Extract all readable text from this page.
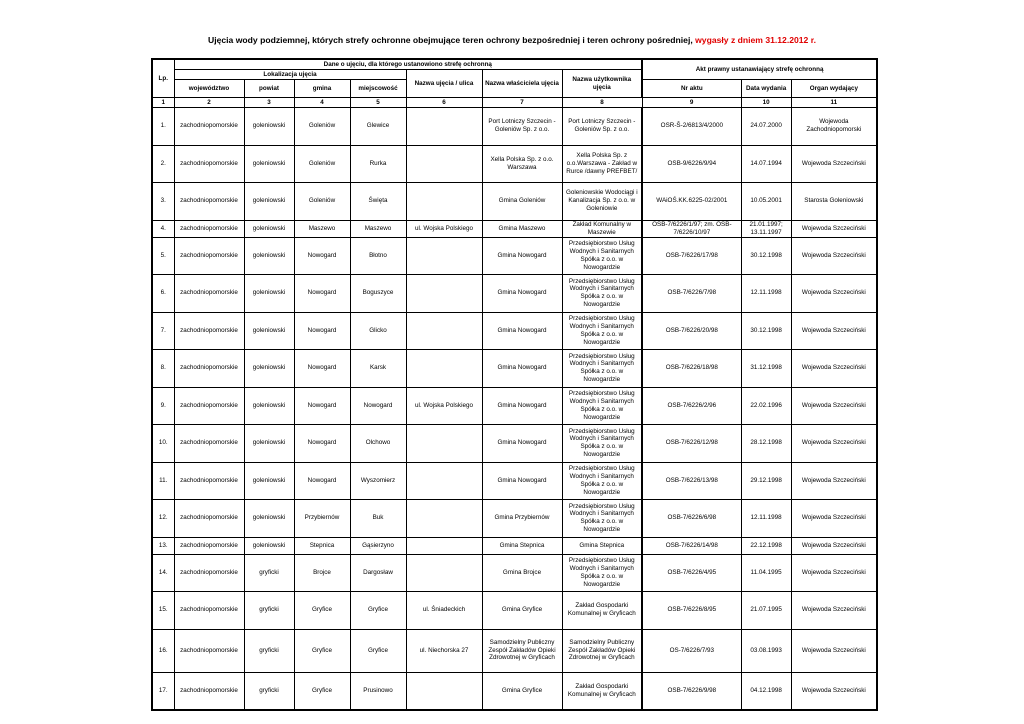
Ujęcia wody podziemnej, których strefy ochronne obejmujące teren ochrony bezpośredniej i teren ochrony pośredniej, wygasły z dniem 31.12.2012 r.
Lp.	Dane o ujęciu, dla którego ustanowiono strefę ochronną							Akt prawny ustanawiający strefę ochronną		
	Lokalizacja ujęcia				Nazwa ujęcia / ulica	Nazwa właściciela ujęcia	Nazwa użytkownika ujęcia			
	województwo	powiat	gmina	miejscowość				Nr aktu	Data wydania	Organ wydający
1	2	3	4	5	6	7	8	9	10	11
1.	zachodniopomorskie	goleniowski	Goleniów	Glewice		Port Lotniczy Szczecin - Goleniów Sp. z o.o.	Port Lotniczy Szczecin - Goleniów Sp. z o.o.	OSR-Š-2/6813/4/2000	24.07.2000	Wojewoda Zachodniopomorski
2.	zachodniopomorskie	goleniowski	Goleniów	Rurka		Xella Polska Sp. z o.o. Warszawa	Xella Polska Sp. z o.o.Warszawa - Zakład w Rurce /dawny PREFBET/	OSB-9/6226/9/94	14.07.1994	Wojewoda Szczeciński
3.	zachodniopomorskie	goleniowski	Goleniów	Święta		Gmina Goleniów	Goleniowskie Wodociągi i Kanalizacja Sp. z o.o. w Goleniowie	WAiOŚ.KK.6225-02/2001	10.05.2001	Starosta Goleniowski
4.	zachodniopomorskie	goleniowski	Maszewo	Maszewo	ul. Wojska Polskiego	Gmina Maszewo	Zakład Komunalny w Maszewie	OSB-7/6226/1/97; zm. OSB-7/6226/10/97	21.01.1997; 13.11.1997	Wojewoda Szczeciński
5.	zachodniopomorskie	goleniowski	Nowogard	Błotno		Gmina Nowogard	Przedsiębiorstwo Usług Wodnych i Sanitarnych Spółka z o.o. w Nowogardzie	OSB-7/6226/17/98	30.12.1998	Wojewoda Szczeciński
6.	zachodniopomorskie	goleniowski	Nowogard	Boguszyce		Gmina Nowogard	Przedsiębiorstwo Usług Wodnych i Sanitarnych Spółka z o.o. w Nowogardzie	OSB-7/6226/7/98	12.11.1998	Wojewoda Szczeciński
7.	zachodniopomorskie	goleniowski	Nowogard	Glicko		Gmina Nowogard	Przedsiębiorstwo Usług Wodnych i Sanitarnych Spółka z o.o. w Nowogardzie	OSB-7/6226/20/98	30.12.1998	Wojewoda Szczeciński
8.	zachodniopomorskie	goleniowski	Nowogard	Karsk		Gmina Nowogard	Przedsiębiorstwo Usług Wodnych i Sanitarnych Spółka z o.o. w Nowogardzie	OSB-7/6226/18/98	31.12.1998	Wojewoda Szczeciński
9.	zachodniopomorskie	goleniowski	Nowogard	Nowogard	ul. Wojska Polskiego	Gmina Nowogard	Przedsiębiorstwo Usług Wodnych i Sanitarnych Spółka z o.o. w Nowogardzie	OSB-7/6226/2/96	22.02.1996	Wojewoda Szczeciński
10.	zachodniopomorskie	goleniowski	Nowogard	Olchowo		Gmina Nowogard	Przedsiębiorstwo Usług Wodnych i Sanitarnych Spółka z o.o. w Nowogardzie	OSB-7/6226/12/98	28.12.1998	Wojewoda Szczeciński
11.	zachodniopomorskie	goleniowski	Nowogard	Wyszomierz		Gmina Nowogard	Przedsiębiorstwo Usług Wodnych i Sanitarnych Spółka z o.o. w Nowogardzie	OSB-7/6226/13/98	29.12.1998	Wojewoda Szczeciński
12.	zachodniopomorskie	goleniowski	Przybiernów	Buk		Gmina Przybiernów	Przedsiębiorstwo Usług Wodnych i Sanitarnych Spółka z o.o. w Nowogardzie	OSB-7/6226/6/98	12.11.1998	Wojewoda Szczeciński
13.	zachodniopomorskie	goleniowski	Stepnica	Gąsierzyno		Gmina Stepnica	Gmina Stepnica	OSB-7/6226/14/98	22.12.1998	Wojewoda Szczeciński
14.	zachodniopomorskie	gryficki	Brojce	Dargosław		Gmina Brojce	Przedsiębiorstwo Usług Wodnych i Sanitarnych Spółka z o.o. w Nowogardzie	OSB-7/6226/4/95	11.04.1995	Wojewoda Szczeciński
15.	zachodniopomorskie	gryficki	Gryfice	Gryfice	ul. Śniadeckich	Gmina Gryfice	Zakład Gospodarki Komunalnej w Gryficach	OSB-7/6226/8/95	21.07.1995	Wojewoda Szczeciński
16.	zachodniopomorskie	gryficki	Gryfice	Gryfice	ul. Niechorska 27	Samodzielny Publiczny Zespół Zakładów Opieki Zdrowotnej w Gryficach	Samodzielny Publiczny Zespół Zakładów Opieki Zdrowotnej w Gryficach	OS-7/6226/7/93	03.08.1993	Wojewoda Szczeciński
17.	zachodniopomorskie	gryficki	Gryfice	Prusinowo		Gmina Gryfice	Zakład Gospodarki Komunalnej w Gryficach	OSB-7/6226/9/98	04.12.1998	Wojewoda Szczeciński
